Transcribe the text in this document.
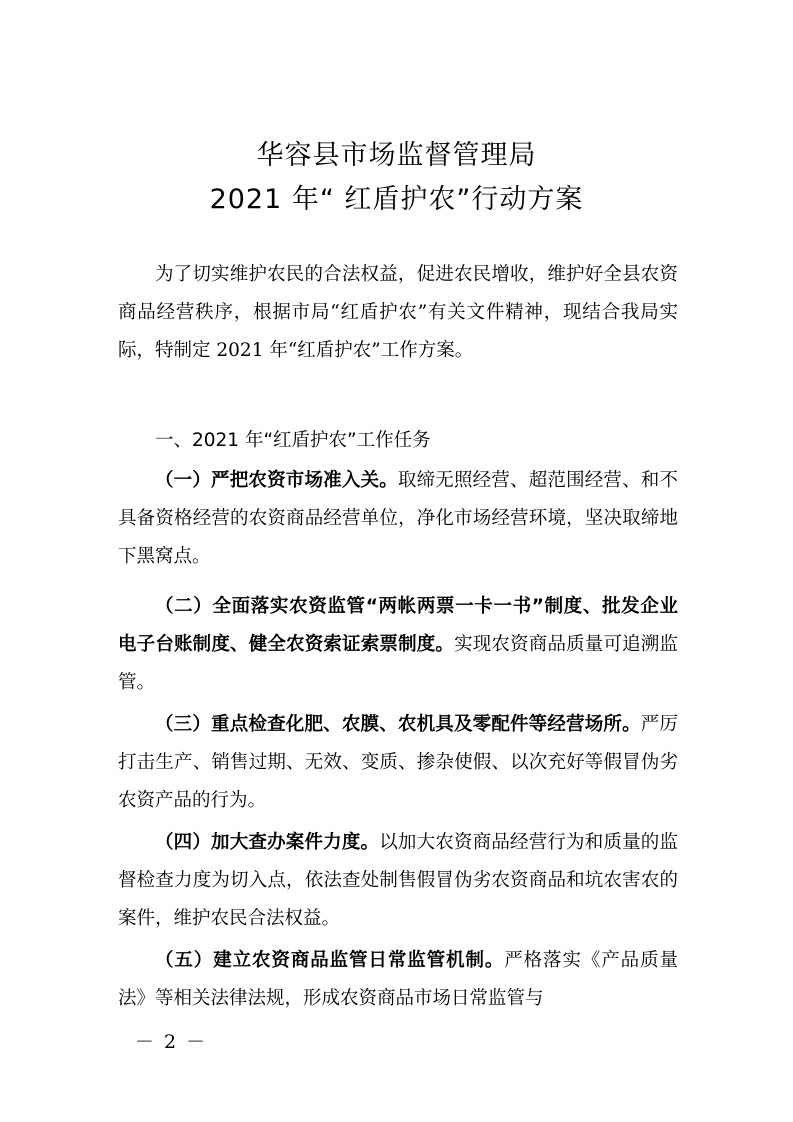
华容县市场监督管理局
2021 年“ 红盾护农”行动方案

为了切实维护农民的合法权益，促进农民增收，维护好全县农资商品经营秩序，根据市局“红盾护农”有关文件精神，现结合我局实际，特制定 2021 年“红盾护农”工作方案。

一、2021 年“红盾护农”工作任务

（一）严把农资市场准入关。取缔无照经营、超范围经营、和不具备资格经营的农资商品经营单位，净化市场经营环境，坚决取缔地下黑窝点。

（二）全面落实农资监管“两帐两票一卡一书”制度、批发企业电子台账制度、健全农资索证索票制度。实现农资商品质量可追溯监管。

（三）重点检查化肥、农膜、农机具及零配件等经营场所。严厉打击生产、销售过期、无效、变质、掺杂使假、以次充好等假冒伪劣农资产品的行为。

（四）加大查办案件力度。以加大农资商品经营行为和质量的监督检查力度为切入点，依法查处制售假冒伪劣农资商品和坑农害农的案件，维护农民合法权益。

（五）建立农资商品监管日常监管机制。严格落实《产品质量法》等相关法律法规，形成农资商品市场日常监管与

－ 2 －
